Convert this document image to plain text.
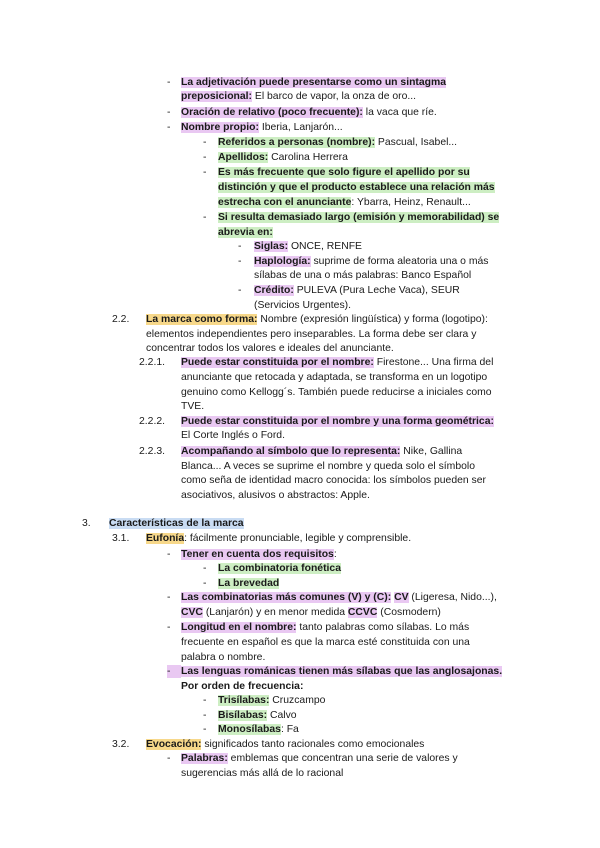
- La adjetivación puede presentarse como un sintagma
preposicional: El barco de vapor, la onza de oro...
- Oración de relativo (poco frecuente): la vaca que ríe.
- Nombre propio: Iberia, Lanjarón...
- Referidos a personas (nombre): Pascual, Isabel...
- Apellidos: Carolina Herrera
- Es más frecuente que solo figure el apellido por su
distinción y que el producto establece una relación más
estrecha con el anunciante: Ybarra, Heinz, Renault...
- Si resulta demasiado largo (emisión y memorabilidad) se
abrevia en:
- Siglas: ONCE, RENFE
- Haplología: suprime de forma aleatoria una o más
sílabas de una o más palabras: Banco Español
- Crédito: PULEVA (Pura Leche Vaca), SEUR
(Servicios Urgentes).
2.2. La marca como forma: Nombre (expresión lingüística) y forma (logotipo):
elementos independientes pero inseparables. La forma debe ser clara y
concentrar todos los valores e ideales del anunciante.
2.2.1. Puede estar constituida por el nombre: Firestone... Una firma del
anunciante que retocada y adaptada, se transforma en un logotipo
genuino como Kellogg´s. También puede reducirse a iniciales como
TVE.
2.2.2. Puede estar constituida por el nombre y una forma geométrica:
El Corte Inglés o Ford.
2.2.3. Acompañando al símbolo que lo representa: Nike, Gallina
Blanca... A veces se suprime el nombre y queda solo el símbolo
como seña de identidad macro conocida: los símbolos pueden ser
asociativos, alusivos o abstractos: Apple.
3. Características de la marca
3.1. Eufonía: fácilmente pronunciable, legible y comprensible.
- Tener en cuenta dos requisitos:
- La combinatoria fonética
- La brevedad
- Las combinatorias más comunes (V) y (C): CV (Ligeresa, Nido...),
CVC (Lanjarón) y en menor medida CCVC (Cosmodern)
- Longitud en el nombre: tanto palabras como sílabas. Lo más
frecuente en español es que la marca esté constituida con una
palabra o nombre.
-	Las lenguas románicas tienen más sílabas que las anglosajonas.
Por orden de frecuencia:
- Trisílabas: Cruzcampo
- Bisílabas: Calvo
- Monosílabas: Fa
3.2. Evocación: significados tanto racionales como emocionales
- Palabras: emblemas que concentran una serie de valores y
sugerencias más allá de lo racional
